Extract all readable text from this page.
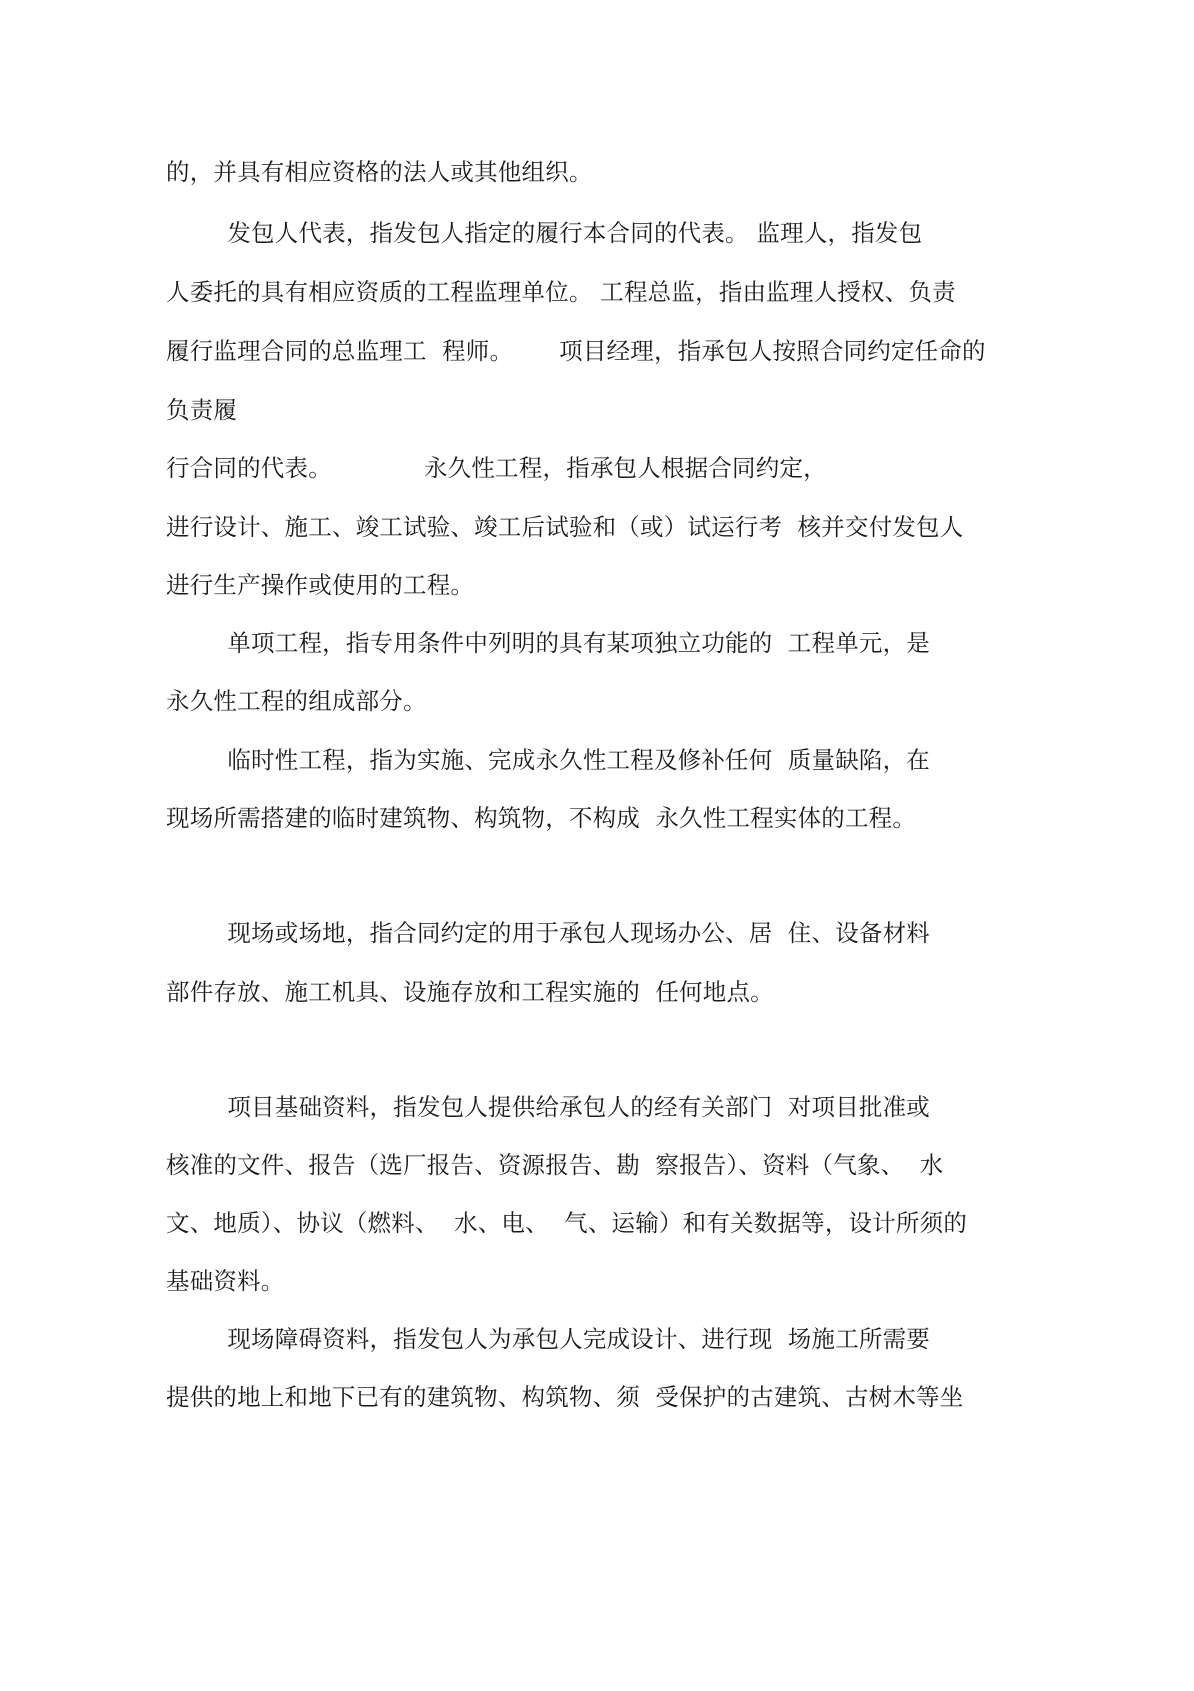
的，并具有相应资格的法人或其他组织。
发包人代表，指发包人指定的履行本合同的代表。 监理人，指发包
人委托的具有相应资质的工程监理单位。 工程总监，指由监理人授权、负责
履行监理合同的总监理工  程师。      项目经理，指承包人按照合同约定任命的
负责履
行合同的代表。            永久性工程，指承包人根据合同约定，
进行设计、施工、竣工试验、竣工后试验和（或）试运行考  核并交付发包人
进行生产操作或使用的工程。
单项工程，指专用条件中列明的具有某项独立功能的  工程单元，是
永久性工程的组成部分。
临时性工程，指为实施、完成永久性工程及修补任何  质量缺陷，在
现场所需搭建的临时建筑物、构筑物，不构成  永久性工程实体的工程。
现场或场地，指合同约定的用于承包人现场办公、居  住、设备材料
部件存放、施工机具、设施存放和工程实施的  任何地点。
项目基础资料，指发包人提供给承包人的经有关部门  对项目批准或
核准的文件、报告（选厂报告、资源报告、勘  察报告）、资料（气象、  水
文、地质）、协议（燃料、  水、电、  气、运输）和有关数据等，设计所须的
基础资料。
现场障碍资料，指发包人为承包人完成设计、进行现  场施工所需要
提供的地上和地下已有的建筑物、构筑物、须  受保护的古建筑、古树木等坐
